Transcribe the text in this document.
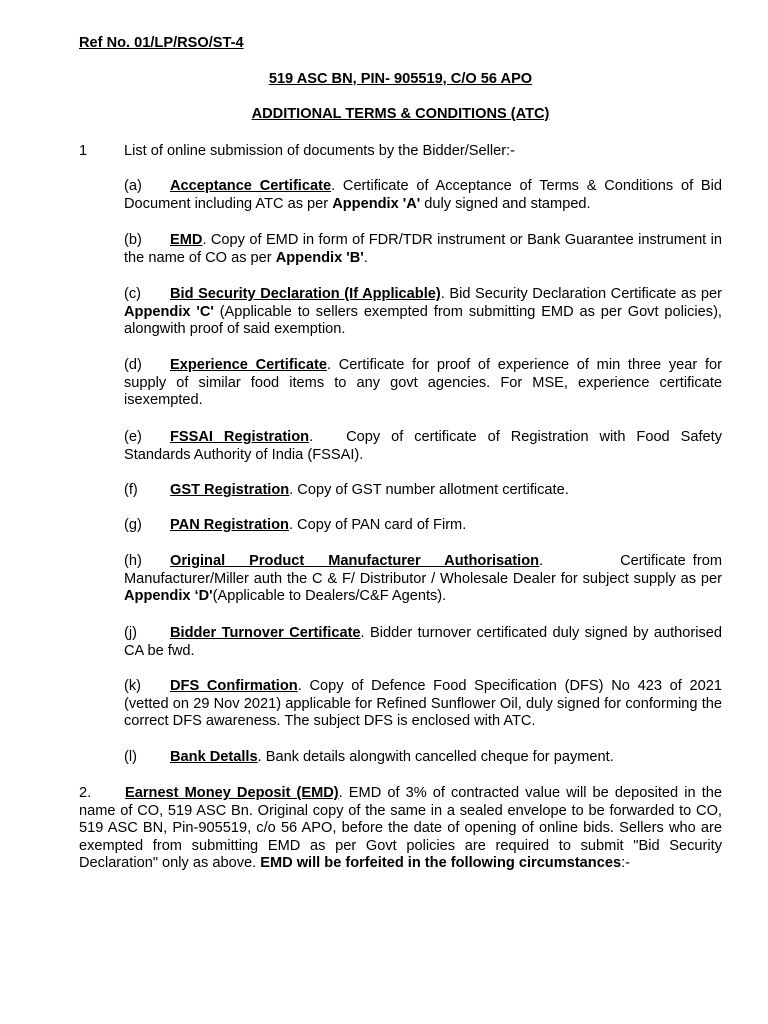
Ref No. 01/LP/RSO/ST-4
519 ASC BN, PIN- 905519, C/O 56 APO
ADDITIONAL TERMS & CONDITIONS (ATC)
1	List of online submission of documents by the Bidder/Seller:-
(a) Acceptance Certificate. Certificate of Acceptance of Terms & Conditions of Bid Document including ATC as per Appendix 'A' duly signed and stamped.
(b) EMD. Copy of EMD in form of FDR/TDR instrument or Bank Guarantee instrument in the name of CO as per Appendix 'B'.
(c) Bid Security Declaration (If Applicable). Bid Security Declaration Certificate as per Appendix 'C' (Applicable to sellers exempted from submitting EMD as per Govt policies), alongwith proof of said exemption.
(d) Experience Certificate. Certificate for proof of experience of min three year for supply of similar food items to any govt agencies. For MSE, experience certificate isexempted.
(e) FSSAI Registration. Copy of certificate of Registration with Food Safety Standards Authority of India (FSSAI).
(f) GST Registration. Copy of GST number allotment certificate.
(g) PAN Registration. Copy of PAN card of Firm.
(h) Original Product Manufacturer Authorisation.	Certificate from Manufacturer/Miller auth the C & F/ Distributor / Wholesale Dealer for subject supply as per Appendix ‘D'(Applicable to Dealers/C&F Agents).
(j) Bidder Turnover Certificate. Bidder turnover certificated duly signed by authorised CA be fwd.
(k) DFS Confirmation. Copy of Defence Food Specification (DFS) No 423 of 2021 (vetted on 29 Nov 2021) applicable for Refined Sunflower Oil, duly signed for conforming the correct DFS awareness. The subject DFS is enclosed with ATC.
(l) Bank Detalls. Bank details alongwith cancelled cheque for payment.
2. Earnest Money Deposit (EMD). EMD of 3% of contracted value will be deposited in the name of CO, 519 ASC Bn. Original copy of the same in a sealed envelope to be forwarded to CO, 519 ASC BN, Pin-905519, c/o 56 APO, before the date of opening of online bids. Sellers who are exempted from submitting EMD as per Govt policies are required to submit "Bid Security Declaration" only as above. EMD will be forfeited in the following circumstances:-
